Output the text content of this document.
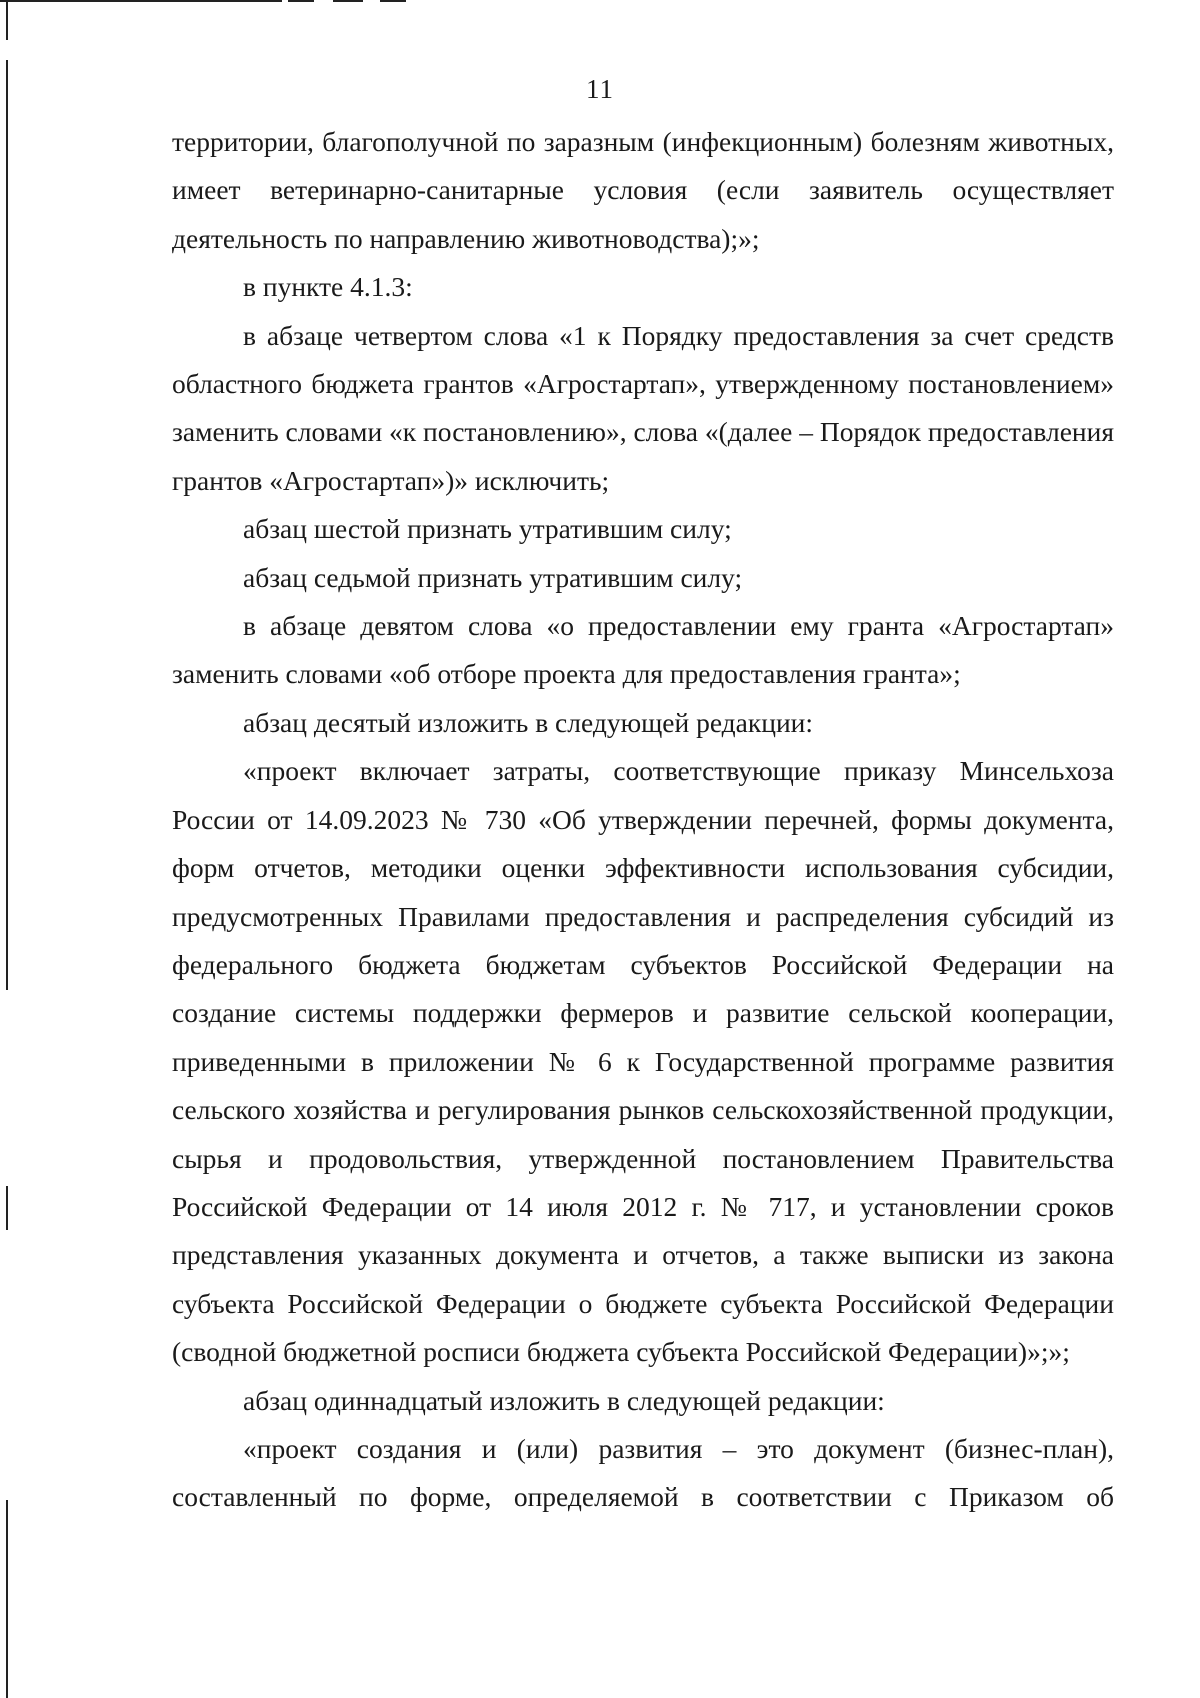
11

территории, благополучной по заразным (инфекционным) болезням животных, имеет ветеринарно-санитарные условия (если заявитель осуществляет деятельность по направлению животноводства);»;

в пункте 4.1.3:

в абзаце четвертом слова «1 к Порядку предоставления за счет средств областного бюджета грантов «Агростартап», утвержденному постановлением» заменить словами «к постановлению», слова «(далее – Порядок предоставления грантов «Агростартап»)» исключить;

абзац шестой признать утратившим силу;

абзац седьмой признать утратившим силу;

в абзаце девятом слова «о предоставлении ему гранта «Агростартап» заменить словами «об отборе проекта для предоставления гранта»;

абзац десятый изложить в следующей редакции:

«проект включает затраты, соответствующие приказу Минсельхоза России от 14.09.2023 № 730 «Об утверждении перечней, формы документа, форм отчетов, методики оценки эффективности использования субсидии, предусмотренных Правилами предоставления и распределения субсидий из федерального бюджета бюджетам субъектов Российской Федерации на создание системы поддержки фермеров и развитие сельской кооперации, приведенными в приложении № 6 к Государственной программе развития сельского хозяйства и регулирования рынков сельскохозяйственной продукции, сырья и продовольствия, утвержденной постановлением Правительства Российской Федерации от 14 июля 2012 г. № 717, и установлении сроков представления указанных документа и отчетов, а также выписки из закона субъекта Российской Федерации о бюджете субъекта Российской Федерации (сводной бюджетной росписи бюджета субъекта Российской Федерации)»;»;

абзац одиннадцатый изложить в следующей редакции:

«проект создания и (или) развития – это документ (бизнес-план), составленный по форме, определяемой в соответствии с Приказом об
